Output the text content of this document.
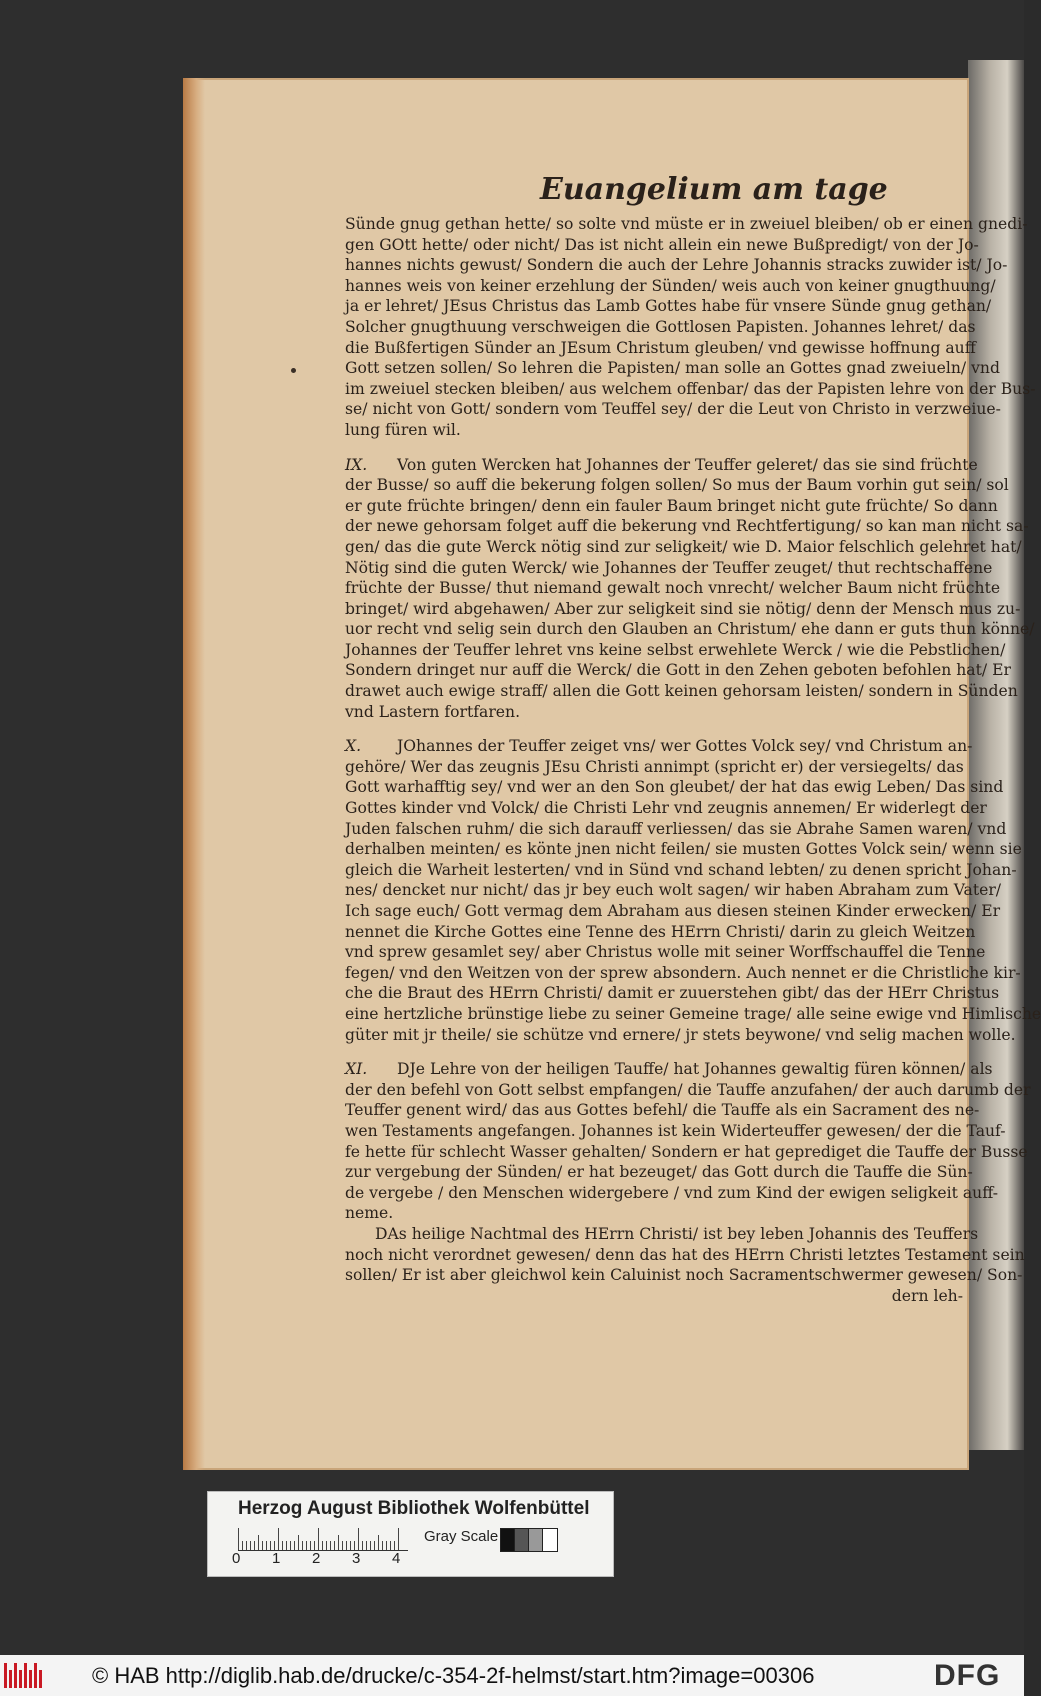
Euangelium am tage
Sünde gnug gethan hette/ so solte vnd müste er in zweiuel bleiben/ ob er einen gnedi-
gen GOtt hette/ oder nicht/ Das ist nicht allein ein newe Bußpredigt/ von der Jo-
hannes nichts gewust/ Sondern die auch der Lehre Johannis stracks zuwider ist/ Jo-
hannes weis von keiner erzehlung der Sünden/ weis auch von keiner gnugthuung/
ja er lehret/ JEsus Christus das Lamb Gottes habe für vnsere Sünde gnug gethan/
Solcher gnugthuung verschweigen die Gottlosen Papisten. Johannes lehret/ das
die Bußfertigen Sünder an JEsum Christum gleuben/ vnd gewisse hoffnung auff
Gott setzen sollen/ So lehren die Papisten/ man solle an Gottes gnad zweiueln/ vnd
im zweiuel stecken bleiben/ aus welchem offenbar/ das der Papisten lehre von der Bus-
se/ nicht von Gott/ sondern vom Teuffel sey/ der die Leut von Christo in verzweiue-
lung füren wil.
IX. Von guten Wercken hat Johannes der Teuffer geleret/ das sie sind früchte
der Busse/ so auff die bekerung folgen sollen/ So mus der Baum vorhin gut sein/ sol
er gute früchte bringen/ denn ein fauler Baum bringet nicht gute früchte/ So dann
der newe gehorsam folget auff die bekerung vnd Rechtfertigung/ so kan man nicht sa-
gen/ das die gute Werck nötig sind zur seligkeit/ wie D. Maior felschlich gelehret hat/
Nötig sind die guten Werck/ wie Johannes der Teuffer zeuget/ thut rechtschaffene
früchte der Busse/ thut niemand gewalt noch vnrecht/ welcher Baum nicht früchte
bringet/ wird abgehawen/ Aber zur seligkeit sind sie nötig/ denn der Mensch mus zu-
uor recht vnd selig sein durch den Glauben an Christum/ ehe dann er guts thun könne/
Johannes der Teuffer lehret vns keine selbst erwehlete Werck / wie die Pebstlichen/
Sondern dringet nur auff die Werck/ die Gott in den Zehen geboten befohlen hat/ Er
drawet auch ewige straff/ allen die Gott keinen gehorsam leisten/ sondern in Sünden
vnd Lastern fortfaren.
X. JOhannes der Teuffer zeiget vns/ wer Gottes Volck sey/ vnd Christum an-
gehöre/ Wer das zeugnis JEsu Christi annimpt (spricht er) der versiegelts/ das
Gott warhafftig sey/ vnd wer an den Son gleubet/ der hat das ewig Leben/ Das sind
Gottes kinder vnd Volck/ die Christi Lehr vnd zeugnis annemen/ Er widerlegt der
Juden falschen ruhm/ die sich darauff verliessen/ das sie Abrahe Samen waren/ vnd
derhalben meinten/ es könte jnen nicht feilen/ sie musten Gottes Volck sein/ wenn sie
gleich die Warheit lesterten/ vnd in Sünd vnd schand lebten/ zu denen spricht Johan-
nes/ dencket nur nicht/ das jr bey euch wolt sagen/ wir haben Abraham zum Vater/
Ich sage euch/ Gott vermag dem Abraham aus diesen steinen Kinder erwecken/ Er
nennet die Kirche Gottes eine Tenne des HErrn Christi/ darin zu gleich Weitzen
vnd sprew gesamlet sey/ aber Christus wolle mit seiner Worffschauffel die Tenne
fegen/ vnd den Weitzen von der sprew absondern. Auch nennet er die Christliche kir-
che die Braut des HErrn Christi/ damit er zuuerstehen gibt/ das der HErr Christus
eine hertzliche brünstige liebe zu seiner Gemeine trage/ alle seine ewige vnd Himlische
güter mit jr theile/ sie schütze vnd ernere/ jr stets beywone/ vnd selig machen wolle.
XI. DJe Lehre von der heiligen Tauffe/ hat Johannes gewaltig füren können/ als
der den befehl von Gott selbst empfangen/ die Tauffe anzufahen/ der auch darumb der
Teuffer genent wird/ das aus Gottes befehl/ die Tauffe als ein Sacrament des ne-
wen Testaments angefangen. Johannes ist kein Widerteuffer gewesen/ der die Tauf-
fe hette für schlecht Wasser gehalten/ Sondern er hat geprediget die Tauffe der Busse
zur vergebung der Sünden/ er hat bezeuget/ das Gott durch die Tauffe die Sün-
de vergebe / den Menschen widergebere / vnd zum Kind der ewigen seligkeit auff-
neme.
DAs heilige Nachtmal des HErrn Christi/ ist bey leben Johannis des Teuffers
noch nicht verordnet gewesen/ denn das hat des HErrn Christi letztes Testament sein
sollen/ Er ist aber gleichwol kein Caluinist noch Sacramentschwermer gewesen/ Son-
dern leh-
Herzog August Bibliothek Wolfenbüttel
0 1 2 3 4
Gray Scale
© HAB http://diglib.hab.de/drucke/c-354-2f-helmst/start.htm?image=00306	DFG
